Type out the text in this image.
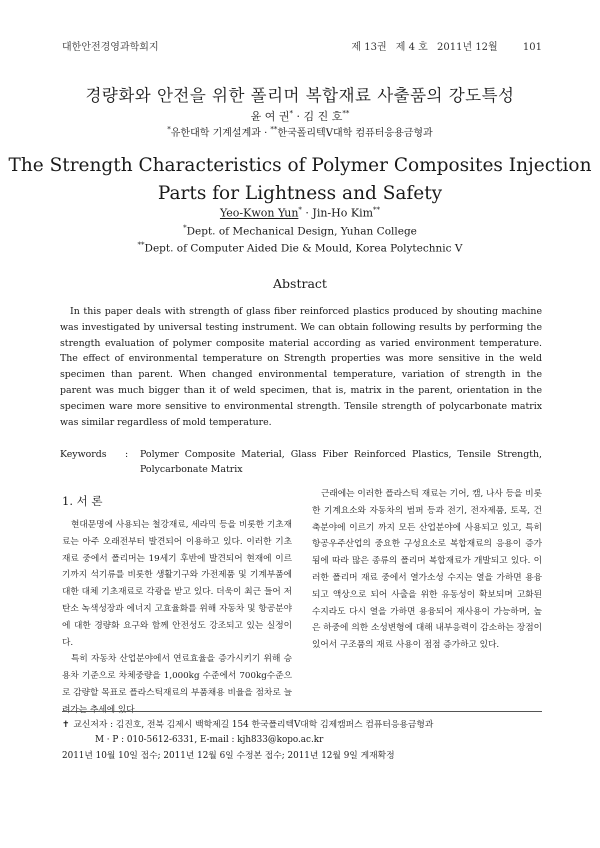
대한안전경영과학회지	제 13권 제 4 호 2011년 12월	101
경량화와 안전을 위한 폴리머 복합재료 사출품의 강도특성
윤 여 권* · 김 진 호**
*유한대학 기계설계과 · **한국폴리텍V대학 컴퓨터응용금형과
The Strength Characteristics of Polymer Composites Injection
Parts for Lightness and Safety
Yeo-Kwon Yun* · Jin-Ho Kim**
*Dept. of Mechanical Design, Yuhan College
**Dept. of Computer Aided Die & Mould, Korea Polytechnic V
Abstract
In this paper deals with strength of glass fiber reinforced plastics produced by shouting machine was investigated by universal testing instrument. We can obtain following results by performing the strength evaluation of polymer composite material according as varied environment temperature. The effect of environmental temperature on Strength properties was more sensitive in the weld specimen than parent. When changed environmental temperature, variation of strength in the parent was much bigger than it of weld specimen, that is, matrix in the parent, orientation in the specimen ware more sensitive to environmental strength. Tensile strength of polycarbonate matrix was similar regardless of mold temperature.
Keywords : Polymer Composite Material, Glass Fiber Reinforced Plastics, Tensile Strength,
Polycarbonate Matrix
1. 서 론

현대문명에 사용되는 철강재료, 세라믹 등을 비롯한 기초재료는 아주 오래전부터 발견되어 이용하고 있다. 이러한 기초재료 중에서 폴리머는 19세기 후반에 발견되어 현재에 이르기까지 석기류를 비롯한 생활기구와 가전제품 및 기계부품에 대한 대체 기초재료로 각광을 받고 있다. 더욱이 최근 들어 저탄소 녹색성장과 에너지 고효율화를 위해 자동차 및 항공분야에 대한 경량화 요구와 함께 안전성도 강조되고 있는 실정이다.

특히 자동차 산업분야에서 연료효율을 증가시키기 위해 승용차 기준으로 차체중량을 1,000kg 수준에서 700kg수준으로 감량할 목표로 플라스틱재료의 부품채용 비율을 점차로 늘려가는 추세에 있다.

근래에는 이러한 플라스틱 재료는 기어, 캠, 나사 등을 비롯한 기계요소와 자동차의 범퍼 등과 전기, 전자제품, 토목, 건축분야에 이르기 까지 모든 산업분야에 사용되고 있고, 특히 항공우주산업의 중요한 구성요소로 복합재료의 응용이 증가됨에 따라 많은 종류의 폴리머 복합재료가 개발되고 있다. 이러한 폴리머 재료 중에서 열가소성 수지는 열을 가하면 용융되고 액상으로 되어 사출을 위한 유동성이 확보되며 고화된 수지라도 다시 열을 가하면 용융되어 재사용이 가능하며, 높은 하중에 의한 소성변형에 대해 내부응력이 감소하는 장점이 있어서 구조품의 재료 사용이 점점 증가하고 있다.

✝ 교신저자 : 김진호, 전북 김제시 백학제길 154 한국폴리텍V대학 김제캠퍼스 컴퓨터응용금형과
M · P : 010-5612-6331, E-mail : kjh833@kopo.ac.kr
2011년 10월 10일 접수; 2011년 12월 6일 수정본 접수; 2011년 12월 9일 게재확정
